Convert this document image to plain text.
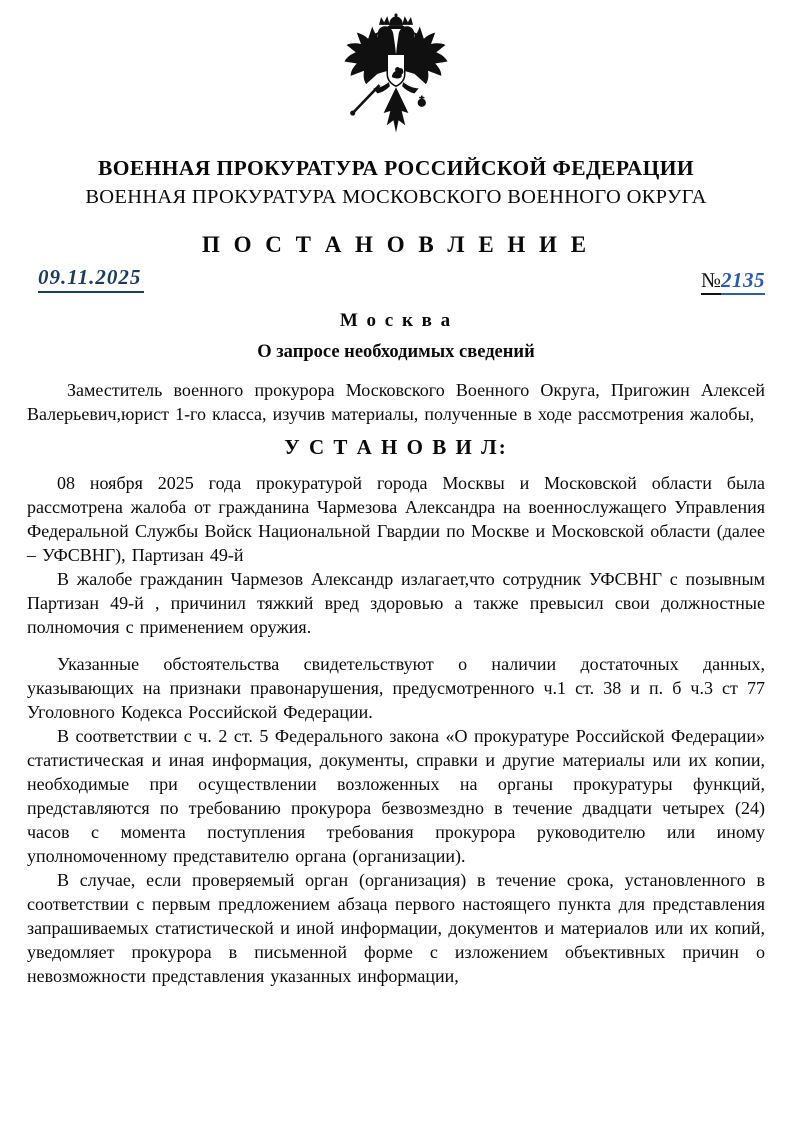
ВОЕННАЯ ПРОКУРАТУРА РОССИЙСКОЙ ФЕДЕРАЦИИ
ВОЕННАЯ ПРОКУРАТУРА МОСКОВСКОГО ВОЕННОГО ОКРУГА
П О С Т А Н О В Л Е Н И Е
09.11.2025	№2135
М о с к в а
О запросе необходимых сведений

Заместитель военного прокурора Московского Военного Округа, Пригожин Алексей Валерьевич,юрист 1-го класса, изучив материалы, полученные в ходе рассмотрения жалобы,

У С Т А Н О В И Л:

08 ноября 2025 года прокуратурой города Москвы и Московской области была рассмотрена жалоба от гражданина Чармезова Александра на военнослужащего Управления Федеральной Службы Войск Национальной Гвардии по Москве и Московской области (далее – УФСВНГ), Партизан 49-й

В жалобе гражданин Чармезов Александр излагает,что сотрудник УФСВНГ с позывным Партизан 49-й , причинил тяжкий вред здоровью а также превысил свои должностные полномочия с применением оружия.

Указанные обстоятельства свидетельствуют о наличии достаточных данных, указывающих на признаки правонарушения, предусмотренного ч.1 ст. 38 и п. б ч.3 ст 77 Уголовного Кодекса Российской Федерации.

В соответствии с ч. 2 ст. 5 Федерального закона «О прокуратуре Российской Федерации» статистическая и иная информация, документы, справки и другие материалы или их копии, необходимые при осуществлении возложенных на органы прокуратуры функций, представляются по требованию прокурора безвозмездно в течение двадцати четырех (24) часов с момента поступления требования прокурора руководителю или иному уполномоченному представителю органа (организации).

В случае, если проверяемый орган (организация) в течение срока, установленного в соответствии с первым предложением абзаца первого настоящего пункта для представления запрашиваемых статистической и иной информации, документов и материалов или их копий, уведомляет прокурора в письменной форме с изложением объективных причин о невозможности представления указанных информации,
